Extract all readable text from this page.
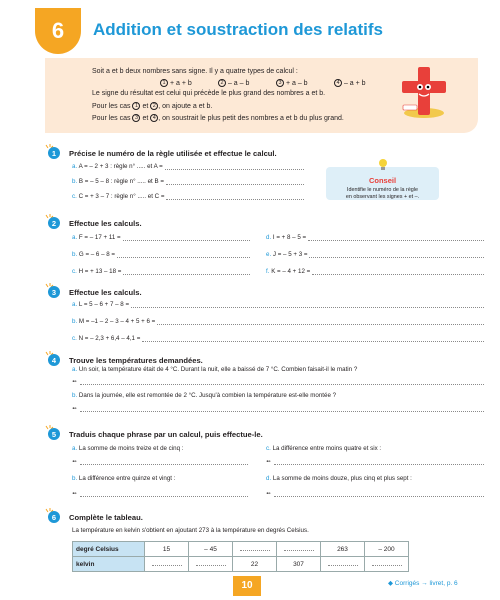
6	Addition et soustraction des relatifs
Soit a et b deux nombres sans signe. Il y a quatre types de calcul :
1 + a + b	2 – a – b	3 + a – b	4 – a + b
Le signe du résultat est celui qui précède le plus grand des nombres a et b.
Pour les cas 1 et 2 , on ajoute a et b.
Pour les cas 3 et 4 , on soustrait le plus petit des nombres a et b du plus grand.
1	Précise le numéro de la règle utilisée et effectue le calcul.
a. A = – 2 + 3 : règle n° ..... et A =
b. B = – 5 – 8 : règle n° ..... et B =
c. C = + 3 – 7 : règle n° ..... et C =
Conseil
Identifie le numéro de la règle
en observant les signes + et –.
2	Effectue les calculs.
a. F = – 17 + 11 =
b. G = – 6 – 8 =
c. H = + 13 – 18 =
d. I = + 8 – 5 =
e. J = – 5 + 3 =
f. K = – 4 + 12 =
3	Effectue les calculs.
a. L = 5 – 6 + 7 – 8 =
b. M = –1 – 2 – 3 – 4 + 5 + 6 =
c. N = – 2,3 + 6,4 – 4,1 =
4	Trouve les températures demandées.
a. Un soir, la température était de 4 °C. Durant la nuit, elle a baissé de 7 °C. Combien faisait-il le matin ?
➻
b. Dans la journée, elle est remontée de 2 °C. Jusqu'à combien la température est-elle montée ?
➻
5	Traduis chaque phrase par un calcul, puis effectue-le.
a. La somme de moins treize et de cinq :
➻
c. La différence entre moins quatre et six :
➻
b. La différence entre quinze et vingt :
➻
d. La somme de moins douze, plus cinq et plus sept :
➻
6	Complète le tableau.
La température en kelvin s'obtient en ajoutant 273 à la température en degrés Celsius.
degré Celsius	15	– 45			263	– 200
kelvin			22	307		
10	◆ Corrigés → livret, p. 6
